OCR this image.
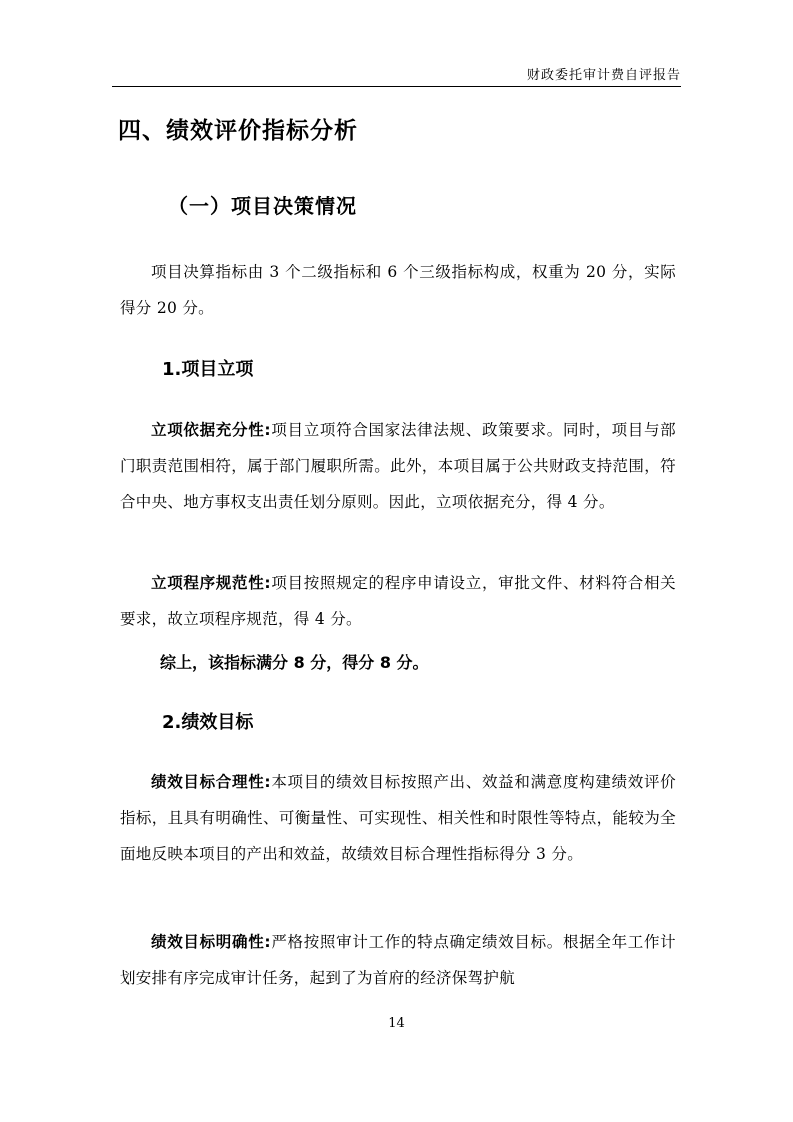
财政委托审计费自评报告
四、绩效评价指标分析
（一）项目决策情况
项目决算指标由 3 个二级指标和 6 个三级指标构成，权重为 20 分，实际得分 20 分。
1.项目立项
立项依据充分性:项目立项符合国家法律法规、政策要求。同时，项目与部门职责范围相符，属于部门履职所需。此外，本项目属于公共财政支持范围，符合中央、地方事权支出责任划分原则。因此，立项依据充分，得 4 分。
立项程序规范性:项目按照规定的程序申请设立，审批文件、材料符合相关要求，故立项程序规范，得 4 分。
综上，该指标满分 8 分，得分 8 分。
2.绩效目标
绩效目标合理性:本项目的绩效目标按照产出、效益和满意度构建绩效评价指标，且具有明确性、可衡量性、可实现性、相关性和时限性等特点，能较为全面地反映本项目的产出和效益，故绩效目标合理性指标得分 3 分。
绩效目标明确性:严格按照审计工作的特点确定绩效目标。根据全年工作计划安排有序完成审计任务，起到了为首府的经济保驾护航
14
